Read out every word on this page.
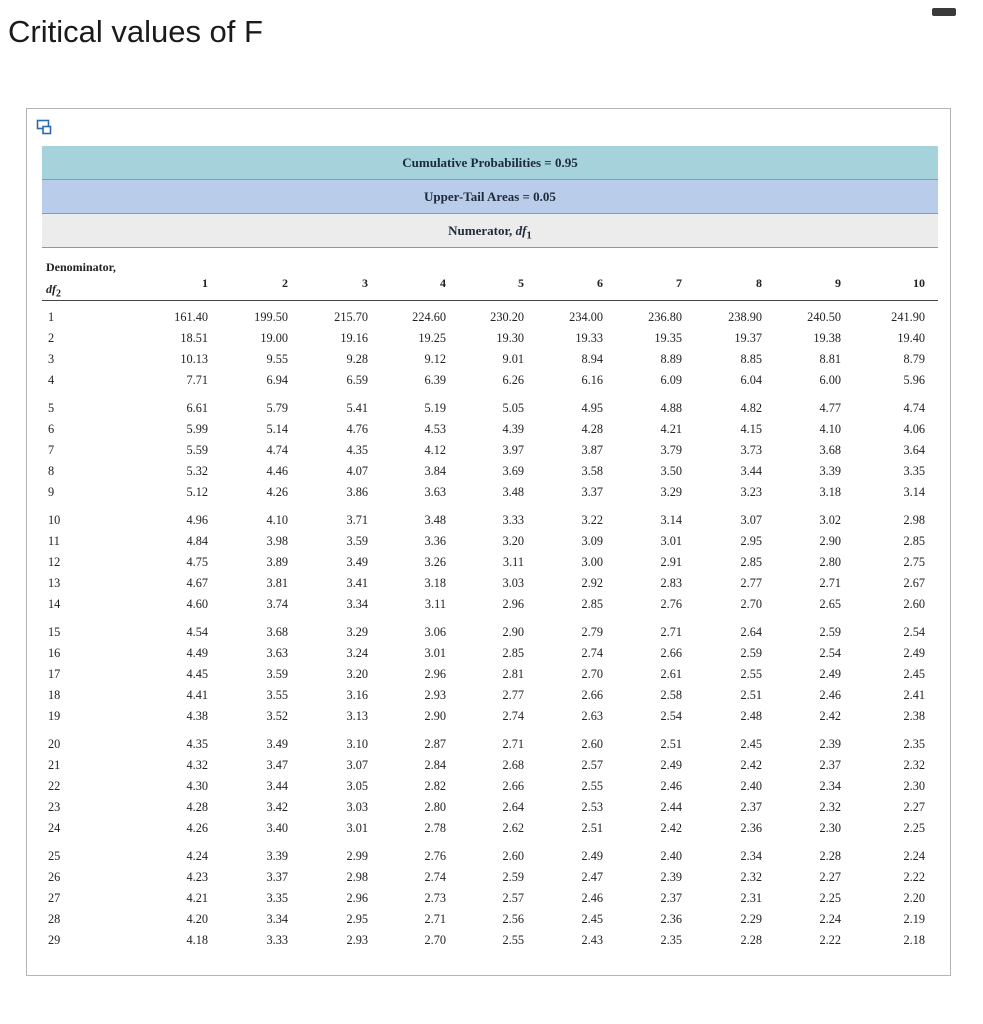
Critical values of F
Cumulative Probabilities = 0.95
Upper-Tail Areas = 0.05
Numerator, $df_1$
Denominator,
$df_2$
1	2	3	4	5	6	7	8	9	10
1	161.40	199.50	215.70	224.60	230.20	234.00	236.80	238.90	240.50	241.90
2	18.51	19.00	19.16	19.25	19.30	19.33	19.35	19.37	19.38	19.40
3	10.13	9.55	9.28	9.12	9.01	8.94	8.89	8.85	8.81	8.79
4	7.71	6.94	6.59	6.39	6.26	6.16	6.09	6.04	6.00	5.96
5	6.61	5.79	5.41	5.19	5.05	4.95	4.88	4.82	4.77	4.74
6	5.99	5.14	4.76	4.53	4.39	4.28	4.21	4.15	4.10	4.06
7	5.59	4.74	4.35	4.12	3.97	3.87	3.79	3.73	3.68	3.64
8	5.32	4.46	4.07	3.84	3.69	3.58	3.50	3.44	3.39	3.35
9	5.12	4.26	3.86	3.63	3.48	3.37	3.29	3.23	3.18	3.14
10	4.96	4.10	3.71	3.48	3.33	3.22	3.14	3.07	3.02	2.98
11	4.84	3.98	3.59	3.36	3.20	3.09	3.01	2.95	2.90	2.85
12	4.75	3.89	3.49	3.26	3.11	3.00	2.91	2.85	2.80	2.75
13	4.67	3.81	3.41	3.18	3.03	2.92	2.83	2.77	2.71	2.67
14	4.60	3.74	3.34	3.11	2.96	2.85	2.76	2.70	2.65	2.60
15	4.54	3.68	3.29	3.06	2.90	2.79	2.71	2.64	2.59	2.54
16	4.49	3.63	3.24	3.01	2.85	2.74	2.66	2.59	2.54	2.49
17	4.45	3.59	3.20	2.96	2.81	2.70	2.61	2.55	2.49	2.45
18	4.41	3.55	3.16	2.93	2.77	2.66	2.58	2.51	2.46	2.41
19	4.38	3.52	3.13	2.90	2.74	2.63	2.54	2.48	2.42	2.38
20	4.35	3.49	3.10	2.87	2.71	2.60	2.51	2.45	2.39	2.35
21	4.32	3.47	3.07	2.84	2.68	2.57	2.49	2.42	2.37	2.32
22	4.30	3.44	3.05	2.82	2.66	2.55	2.46	2.40	2.34	2.30
23	4.28	3.42	3.03	2.80	2.64	2.53	2.44	2.37	2.32	2.27
24	4.26	3.40	3.01	2.78	2.62	2.51	2.42	2.36	2.30	2.25
25	4.24	3.39	2.99	2.76	2.60	2.49	2.40	2.34	2.28	2.24
26	4.23	3.37	2.98	2.74	2.59	2.47	2.39	2.32	2.27	2.22
27	4.21	3.35	2.96	2.73	2.57	2.46	2.37	2.31	2.25	2.20
28	4.20	3.34	2.95	2.71	2.56	2.45	2.36	2.29	2.24	2.19
29	4.18	3.33	2.93	2.70	2.55	2.43	2.35	2.28	2.22	2.18
